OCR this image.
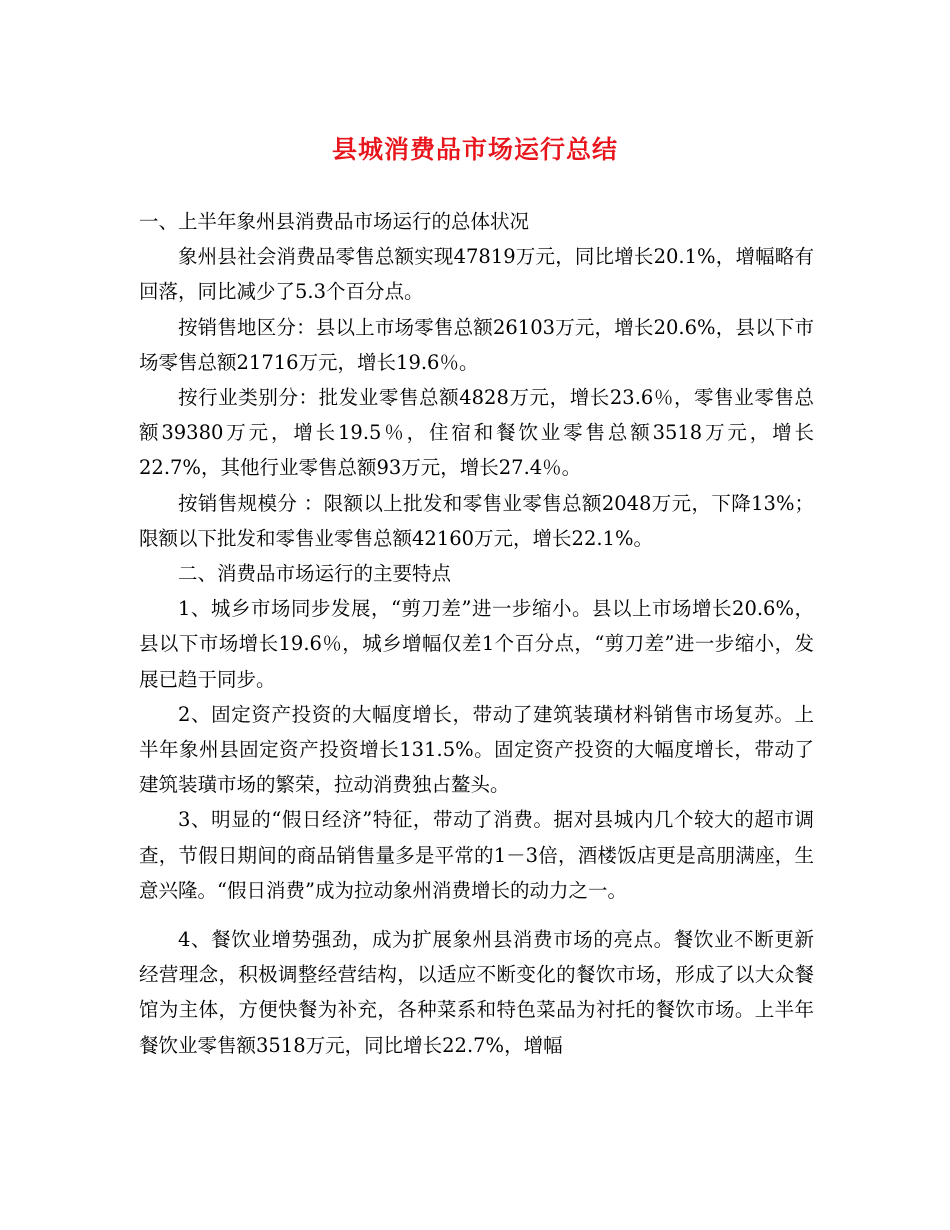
县城消费品市场运行总结

一、上半年象州县消费品市场运行的总体状况

象州县社会消费品零售总额实现47819万元，同比增长20.1%，增幅略有回落，同比减少了5.3个百分点。

按销售地区分：县以上市场零售总额26103万元，增长20.6%，县以下市场零售总额21716万元，增长19.6％。

按行业类别分：批发业零售总额4828万元，增长23.6％，零售业零售总额39380万元，增长19.5％，住宿和餐饮业零售总额3518万元，增长22.7%，其他行业零售总额93万元，增长27.4％。

按销售规模分 ：限额以上批发和零售业零售总额2048万元，下降13%；限额以下批发和零售业零售总额42160万元，增长22.1%。

二、消费品市场运行的主要特点

1、城乡市场同步发展，“剪刀差”进一步缩小。县以上市场增长20.6%，县以下市场增长19.6％，城乡增幅仅差1个百分点，“剪刀差”进一步缩小，发展已趋于同步。

2、固定资产投资的大幅度增长，带动了建筑装璜材料销售市场复苏。上半年象州县固定资产投资增长131.5%。固定资产投资的大幅度增长，带动了建筑装璜市场的繁荣，拉动消费独占鳌头。

3、明显的“假日经济”特征，带动了消费。据对县城内几个较大的超市调查，节假日期间的商品销售量多是平常的1－3倍，酒楼饭店更是高朋满座，生意兴隆。“假日消费”成为拉动象州消费增长的动力之一。

4、餐饮业增势强劲，成为扩展象州县消费市场的亮点。餐饮业不断更新经营理念，积极调整经营结构，以适应不断变化的餐饮市场，形成了以大众餐馆为主体，方便快餐为补充，各种菜系和特色菜品为衬托的餐饮市场。上半年餐饮业零售额3518万元，同比增长22.7%，增幅
